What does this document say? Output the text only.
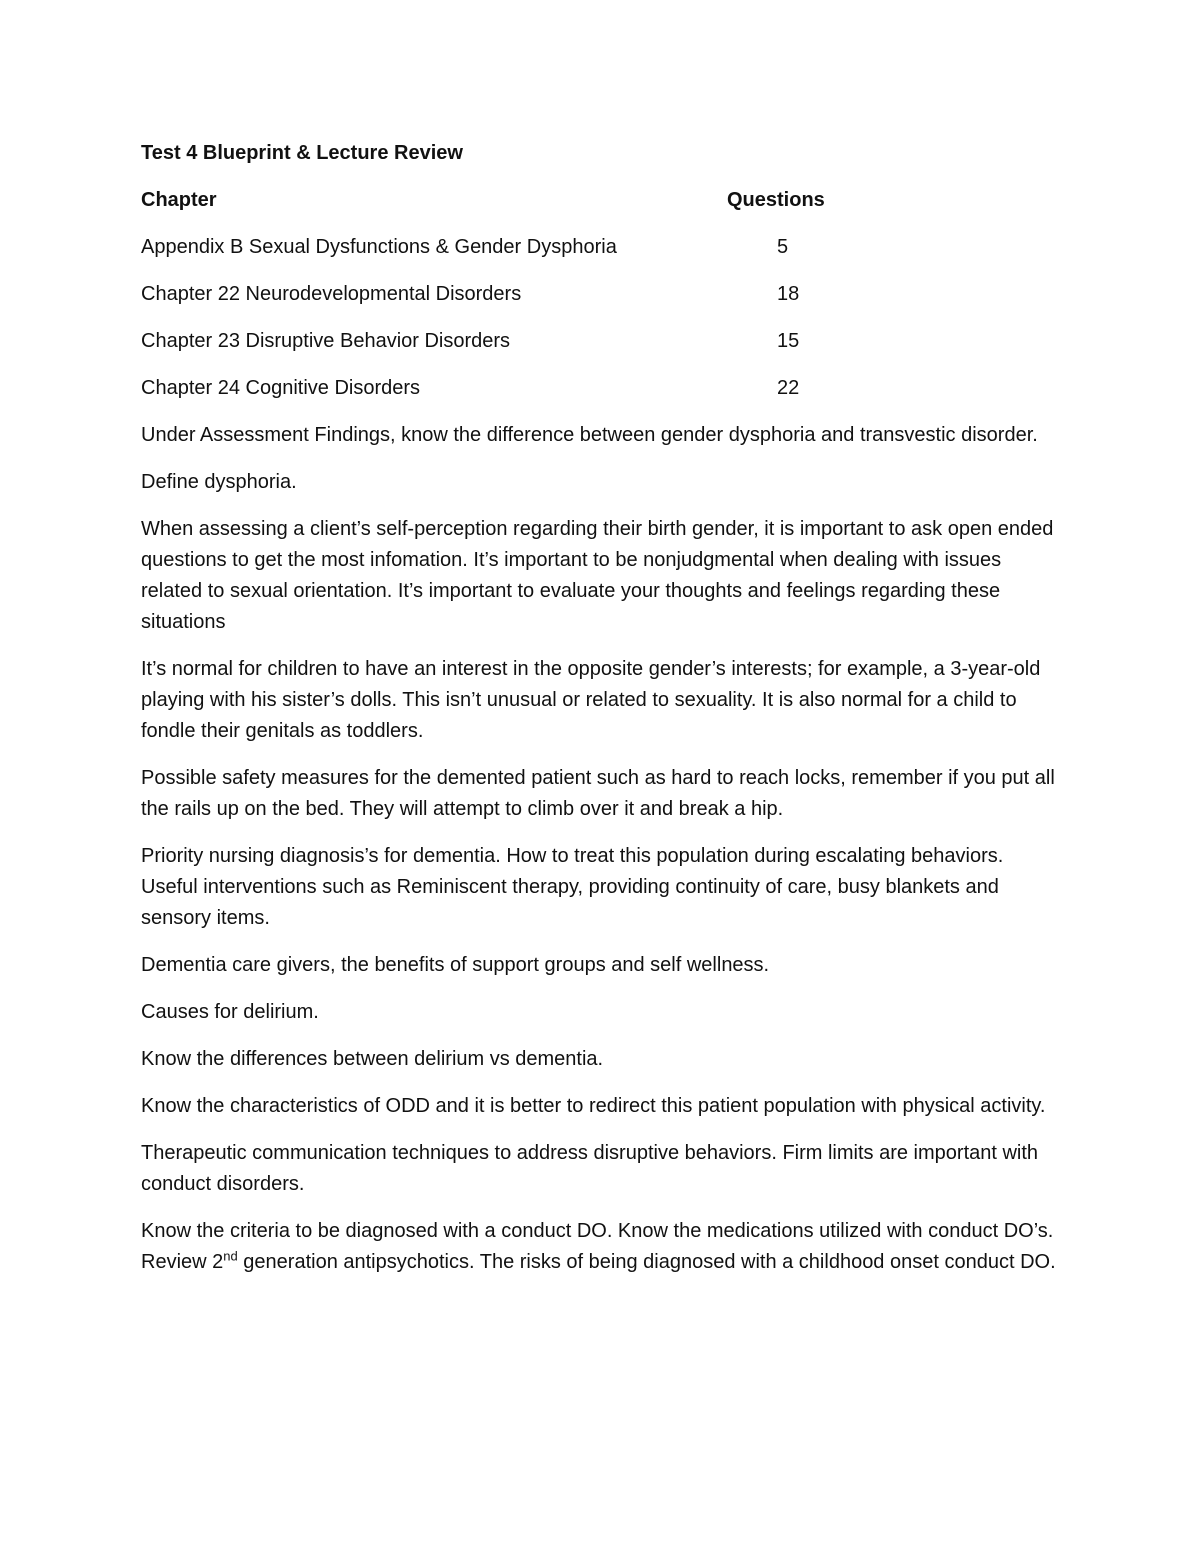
Test 4 Blueprint & Lecture Review
Chapter	Questions
Appendix B Sexual Dysfunctions & Gender Dysphoria	5
Chapter 22 Neurodevelopmental Disorders	18
Chapter 23 Disruptive Behavior Disorders	15
Chapter 24 Cognitive Disorders	22

Under Assessment Findings, know the difference between gender dysphoria and transvestic disorder.

Define dysphoria.

When assessing a client’s self-perception regarding their birth gender, it is important to ask open ended questions to get the most infomation. It’s important to be nonjudgmental when dealing with issues related to sexual orientation. It’s important to evaluate your thoughts and feelings regarding these situations

It’s normal for children to have an interest in the opposite gender’s interests; for example, a 3-year-old playing with his sister’s dolls. This isn’t unusual or related to sexuality. It is also normal for a child to fondle their genitals as toddlers.

Possible safety measures for the demented patient such as hard to reach locks, remember if you put all the rails up on the bed. They will attempt to climb over it and break a hip.

Priority nursing diagnosis’s for dementia. How to treat this population during escalating behaviors. Useful interventions such as Reminiscent therapy, providing continuity of care, busy blankets and sensory items.

Dementia care givers, the benefits of support groups and self wellness.

Causes for delirium.

Know the differences between delirium vs dementia.

Know the characteristics of ODD and it is better to redirect this patient population with physical activity.

Therapeutic communication techniques to address disruptive behaviors. Firm limits are important with conduct disorders.

Know the criteria to be diagnosed with a conduct DO. Know the medications utilized with conduct DO’s. Review 2nd generation antipsychotics. The risks of being diagnosed with a childhood onset conduct DO.
